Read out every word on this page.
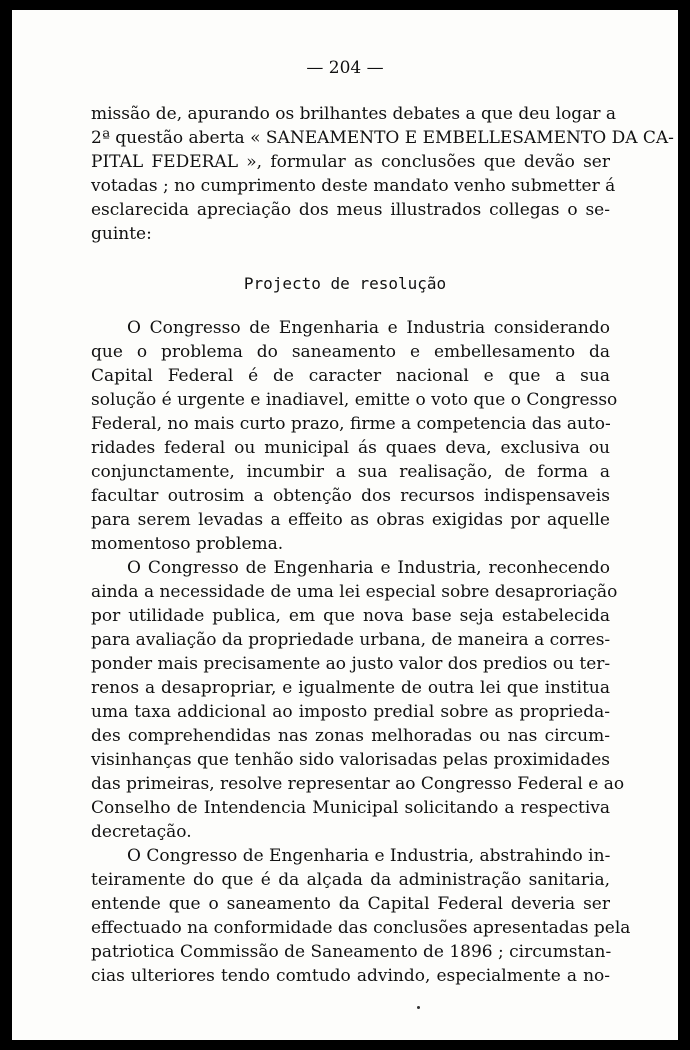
— 204 —
missão de, apurando os brilhantes debates a que deu logar a
2ª questão aberta « SANEAMENTO E EMBELLESAMENTO DA CA-
PITAL FEDERAL », formular as conclusões que devão ser
votadas ; no cumprimento deste mandato venho submetter á
esclarecida apreciação dos meus illustrados collegas o se-
guinte:
Projecto de resolução
O Congresso de Engenharia e Industria considerando
que o problema do saneamento e embellesamento da
Capital Federal é de caracter nacional e que a sua
solução é urgente e inadiavel, emitte o voto que o Congresso
Federal, no mais curto prazo, firme a competencia das auto-
ridades federal ou municipal ás quaes deva, exclusiva ou
conjunctamente, incumbir a sua realisação, de forma a
facultar outrosim a obtenção dos recursos indispensaveis
para serem levadas a effeito as obras exigidas por aquelle
momentoso problema.
O Congresso de Engenharia e Industria, reconhecendo
ainda a necessidade de uma lei especial sobre desaproriação
por utilidade publica, em que nova base seja estabelecida
para avaliação da propriedade urbana, de maneira a corres-
ponder mais precisamente ao justo valor dos predios ou ter-
renos a desapropriar, e igualmente de outra lei que institua
uma taxa addicional ao imposto predial sobre as proprieda-
des comprehendidas nas zonas melhoradas ou nas circum-
visinhanças que tenhão sido valorisadas pelas proximidades
das primeiras, resolve representar ao Congresso Federal e ao
Conselho de Intendencia Municipal solicitando a respectiva
decretação.
O Congresso de Engenharia e Industria, abstrahindo in-
teiramente do que é da alçada da administração sanitaria,
entende que o saneamento da Capital Federal deveria ser
effectuado na conformidade das conclusões apresentadas pela
patriotica Commissão de Saneamento de 1896 ; circumstan-
cias ulteriores tendo comtudo advindo, especialmente a no-
